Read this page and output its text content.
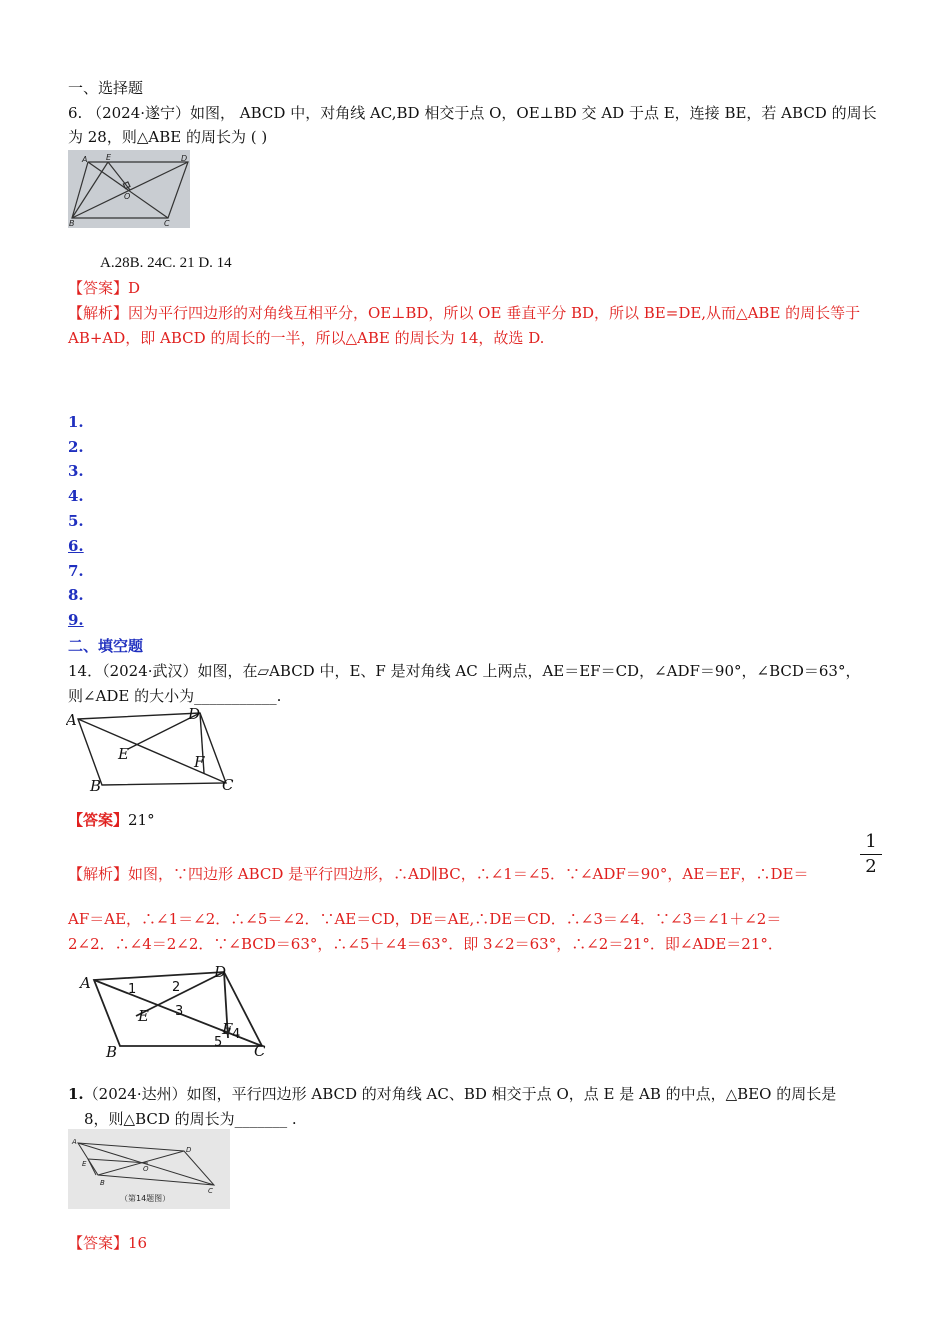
一、选择题
6. （2024·遂宁）如图， ABCD 中，对角线 AC,BD 相交于点 O，OE⊥BD 交 AD 于点 E，连接 BE，若 ABCD 的周长
为 28，则△ABE 的周长为 ( )
A E	D
O
B	C
A.28B. 24C. 21 D. 14
【答案】D
【解析】因为平行四边形的对角线互相平分，OE⊥BD，所以 OE 垂直平分 BD，所以 BE=DE,从而△ABE 的周长等于
AB+AD，即 ABCD 的周长的一半，所以△ABE 的周长为 14，故选 D.
1.
2.
3.
4.
5.
6.
7.
8.
9.
二、填空题
14．（2024·武汉）如图，在▱ABCD 中，E、F 是对角线 AC 上两点，AE＝EF＝CD，∠ADF＝90°，∠BCD＝63°，
则∠ADE 的大小为___________.
A	D
E	F
B	C
【答案】21°
【解析】如图，∵四边形 ABCD 是平行四边形，∴AD∥BC，∴∠1＝∠5．∵∠ADF＝90°，AE＝EF，∴DE＝
1
2
AF＝AE，∴∠1＝∠2．∴∠5＝∠2．∵AE＝CD，DE＝AE,∴DE＝CD．∴∠3＝∠4．∵∠3＝∠1＋∠2＝
2∠2．∴∠4＝2∠2．∵∠BCD＝63°，∴∠5＋∠4＝63°．即 3∠2＝63°，∴∠2＝21°．即∠ADE＝21°．
A
D
E
F
B	C
1	2
3
4
5
1.（2024·达州）如图，平行四边形 ABCD 的对角线 AC、BD 相交于点 O，点 E 是 AB 的中点，△BEO 的周长是
8，则△BCD 的周长为_______ .
A
D
E
O
B
C
（第14题图）
【答案】16
